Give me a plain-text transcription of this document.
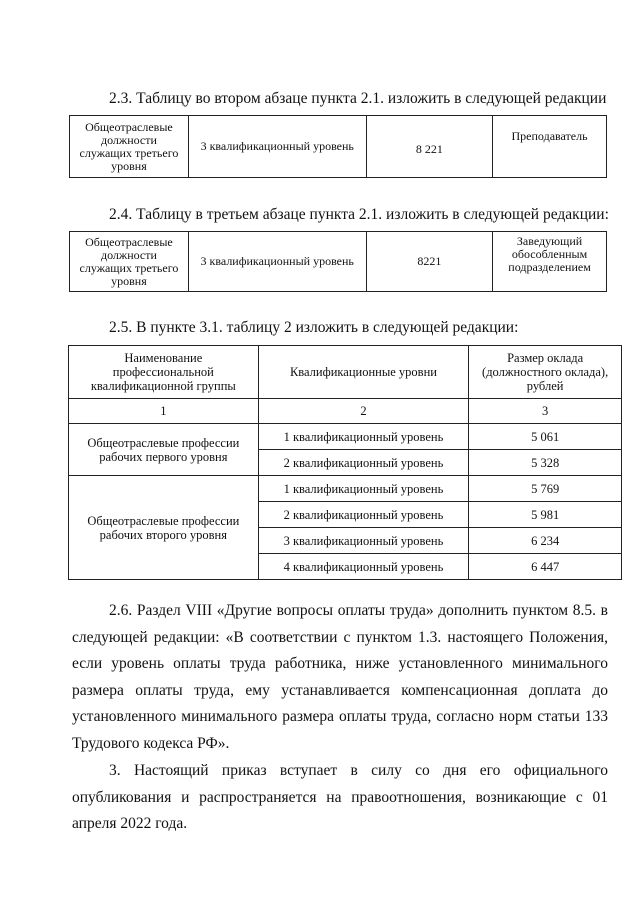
2.3. Таблицу во втором абзаце пункта 2.1. изложить в следующей редакции
Общеотраслевые должности служащих третьего уровня	3 квалификационный уровень	8 221	Преподаватель
2.4. Таблицу в третьем абзаце пункта 2.1. изложить в следующей редакции:
Общеотраслевые должности служащих третьего уровня	3 квалификационный уровень	8221	Заведующий обособленным подразделением
2.5. В пункте 3.1. таблицу 2 изложить в следующей редакции:
Наименование профессиональной квалификационной группы	Квалификационные уровни	Размер оклада (должностного оклада), рублей
1	2	3
Общеотраслевые профессии рабочих первого уровня	1 квалификационный уровень	5 061
	2 квалификационный уровень	5 328
Общеотраслевые профессии рабочих второго уровня	1 квалификационный уровень	5 769
	2 квалификационный уровень	5 981
	3 квалификационный уровень	6 234
	4 квалификационный уровень	6 447
2.6. Раздел VIII «Другие вопросы оплаты труда» дополнить пунктом 8.5. в следующей редакции: «В соответствии с пунктом 1.3. настоящего Положения, если уровень оплаты труда работника, ниже установленного минимального размера оплаты труда, ему устанавливается компенсационная доплата до установленного минимального размера оплаты труда, согласно норм статьи 133 Трудового кодекса РФ».
3. Настоящий приказ вступает в силу со дня его официального опубликования и распространяется на правоотношения, возникающие с 01 апреля 2022 года.
